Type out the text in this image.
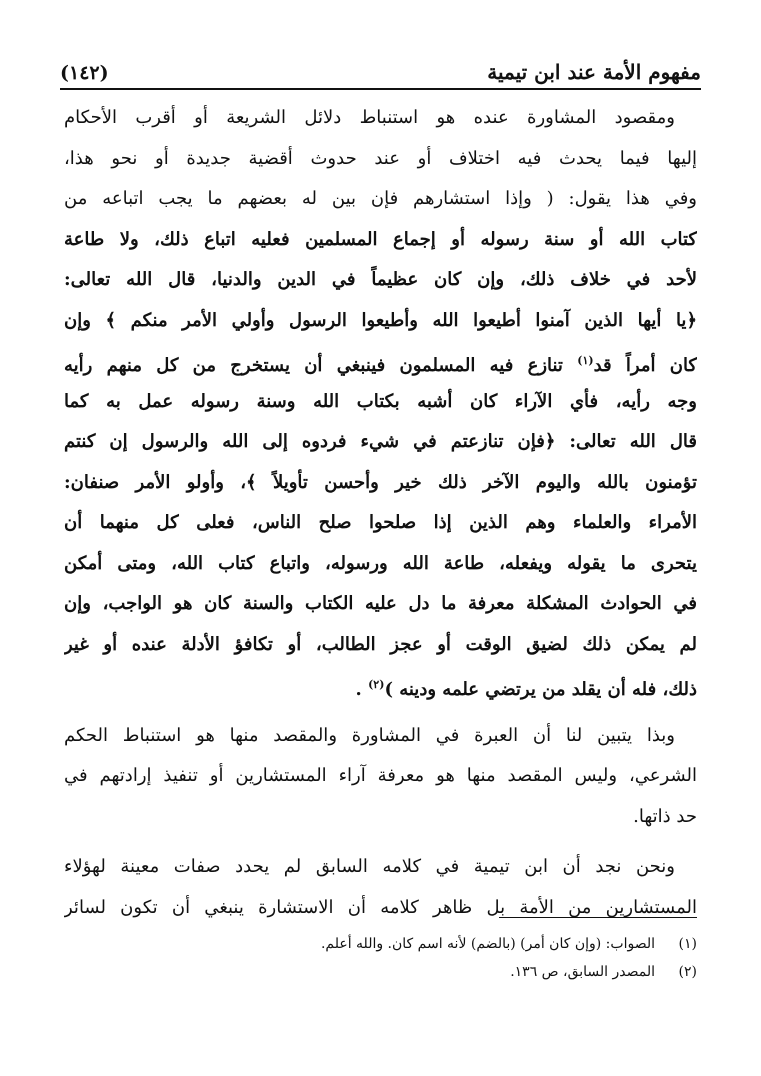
مفهوم الأمة عند ابن تيمية
(١٤٢)
ومقصود المشاورة عنده هو استنباط دلائل الشريعة أو أقرب الأحكام
إليها فيما يحدث فيه اختلاف أو عند حدوث أقضية جديدة أو نحو هذا،
وفي هذا يقول: ( وإذا استشارهم فإن بين له بعضهم ما يجب اتباعه من
كتاب الله أو سنة رسوله أو إجماع المسلمين فعليه اتباع ذلك، ولا طاعة
لأحد في خلاف ذلك، وإن كان عظيماً في الدين والدنيا، قال الله تعالى:
﴿يا أيها الذين آمنوا أطيعوا الله وأطيعوا الرسول وأولي الأمر منكم ﴾ وإن
كان أمراً قد$^{(١)}$ تنازع فيه المسلمون فينبغي أن يستخرج من كل منهم رأيه
وجه رأيه، فأي الآراء كان أشبه بكتاب الله وسنة رسوله عمل به كما
قال الله تعالى: ﴿فإن تنازعتم في شيء فردوه إلى الله والرسول إن كنتم
تؤمنون بالله واليوم الآخر ذلك خير وأحسن تأويلاً ﴾، وأولو الأمر صنفان:
الأمراء والعلماء وهم الذين إذا صلحوا صلح الناس، فعلى كل منهما أن
يتحرى ما يقوله ويفعله، طاعة الله ورسوله، واتباع كتاب الله، ومتى أمكن
في الحوادث المشكلة معرفة ما دل عليه الكتاب والسنة كان هو الواجب، وإن
لم يمكن ذلك لضيق الوقت أو عجز الطالب، أو تكافؤ الأدلة عنده أو غير
ذلك، فله أن يقلد من يرتضي علمه ودينه )$^{(٢)}$ .
وبذا يتبين لنا أن العبرة في المشاورة والمقصد منها هو استنباط الحكم
الشرعي، وليس المقصد منها هو معرفة آراء المستشارين أو تنفيذ إرادتهم في
حد ذاتها.
ونحن نجد أن ابن تيمية في كلامه السابق لم يحدد صفات معينة لهؤلاء
المستشارين من الأمة بل ظاهر كلامه أن الاستشارة ينبغي أن تكون لسائر
(١)
الصواب: (وإن كان أمر) (بالضم) لأنه اسم كان. والله أعلم.
(٢)
المصدر السابق، ص ١٣٦.
